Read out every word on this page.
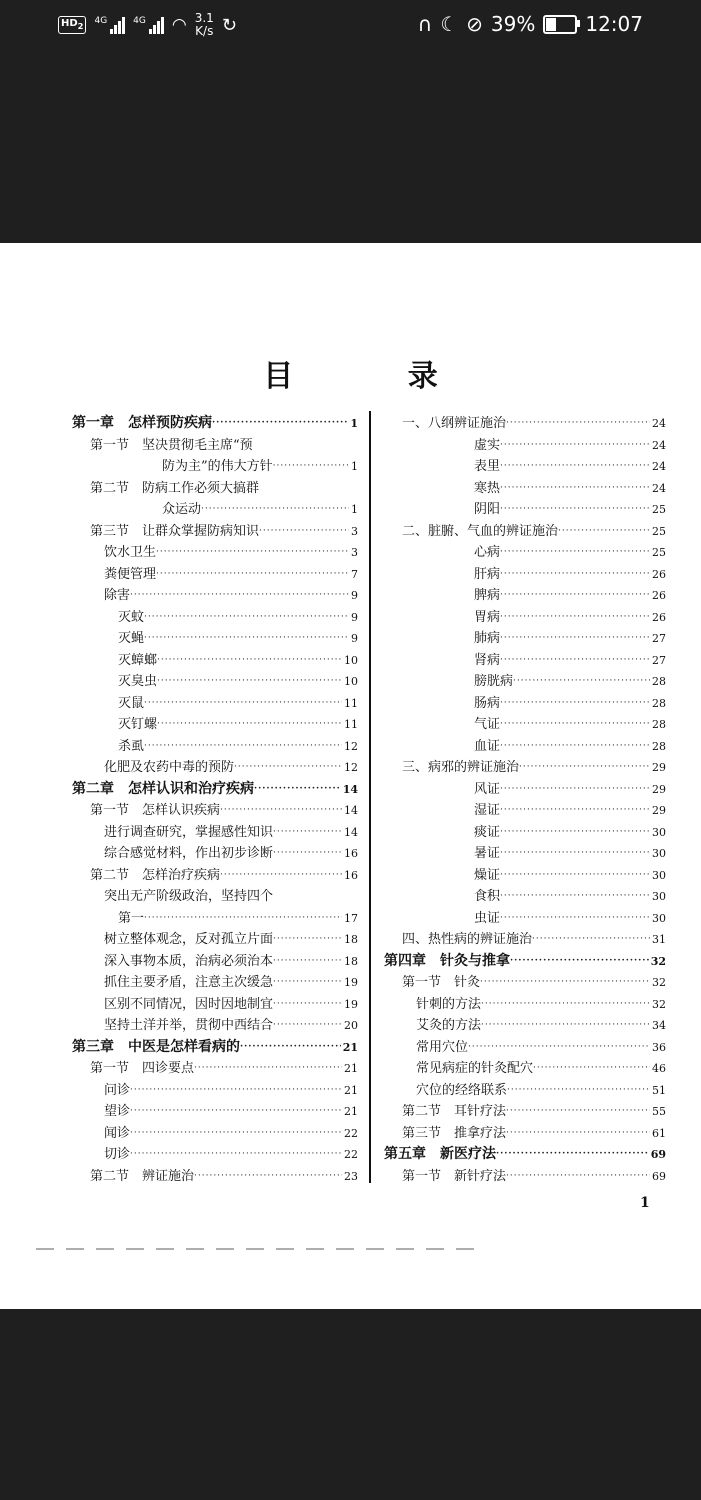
$HD_2$	4G	4G ◠ 3.1
K/s ↻	∩ ☾ ⊘ 39%	12:07
目 录
第一章　怎样预防疾病 ·····	1
第一节　坚决贯彻毛主席“预
防为主”的伟大方针 ·····	1
第二节　防病工作必须大搞群
众运动 ·····	1
第三节　让群众掌握防病知识 ·····	3
饮水卫生 ·····	3
粪便管理 ·····	7
除害 ·····	9
灭蚊 ·····	9
灭蝇 ·····	9
灭蟑螂 ·····	10
灭臭虫 ·····	10
灭鼠 ·····	11
灭钉螺 ·····	11
杀虱 ·····	12
化肥及农药中毒的预防 ·····	12
第二章　怎样认识和治疗疾病 ·····	14
第一节　怎样认识疾病 ·····	14
进行调查研究，掌握感性知识 ·····	14
综合感觉材料，作出初步诊断 ·····	16
第二节　怎样治疗疾病 ·····	16
突出无产阶级政治，坚持四个
第一 ·····	17
树立整体观念，反对孤立片面 ·····	18
深入事物本质，治病必须治本 ·····	18
抓住主要矛盾，注意主次缓急 ·····	19
区别不同情况，因时因地制宜 ·····	19
坚持土洋并举，贯彻中西结合 ·····	20
第三章　中医是怎样看病的 ·····	21
第一节　四诊要点 ·····	21
问诊 ·····	21
望诊 ·····	21
闻诊 ·····	22
切诊 ·····	22
第二节　辨证施治 ·····	23
一、八纲辨证施治 ·····	24
虚实 ·····	24
表里 ·····	24
寒热 ·····	24
阴阳 ·····	25
二、脏腑、气血的辨证施治 ·····	25
心病 ·····	25
肝病 ·····	26
脾病 ·····	26
胃病 ·····	26
肺病 ·····	27
肾病 ·····	27
膀胱病 ·····	28
肠病 ·····	28
气证 ·····	28
血证 ·····	28
三、病邪的辨证施治 ·····	29
风证 ·····	29
湿证 ·····	29
痰证 ·····	30
暑证 ·····	30
燥证 ·····	30
食积 ·····	30
虫证 ·····	30
四、热性病的辨证施治 ·····	31
第四章　针灸与推拿 ·····	32
第一节　针灸 ·····	32
针刺的方法 ·····	32
艾灸的方法 ·····	34
常用穴位 ·····	36
常见病症的针灸配穴 ·····	46
穴位的经络联系 ·····	51
第二节　耳针疗法 ·····	55
第三节　推拿疗法 ·····	61
第五章　新医疗法 ·····	69
第一节　新针疗法 ·····	69
1
